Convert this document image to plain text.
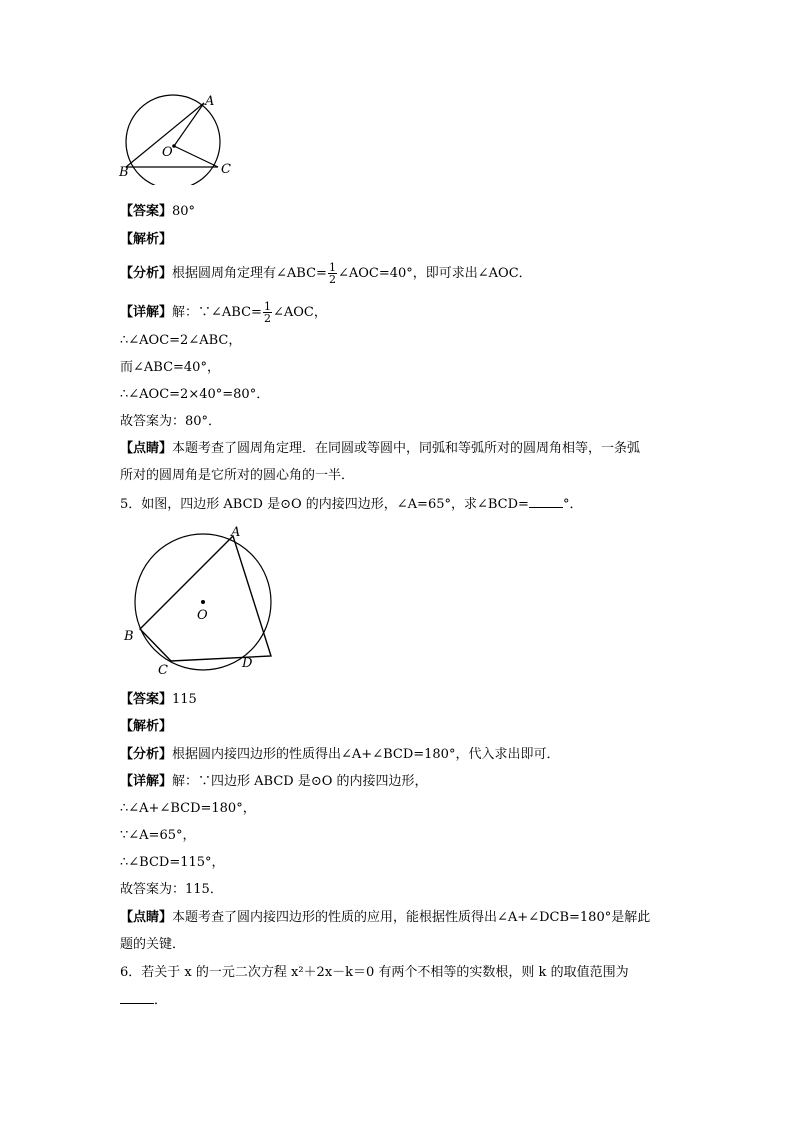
A
B	C
O
【答案】80°
【解析】
【分析】根据圆周角定理有∠ABC= $\frac{1}{2}$ ∠AOC=40°，即可求出∠AOC．
【详解】解：∵∠ABC= $\frac{1}{2}$ ∠AOC，
∴∠AOC=2∠ABC，
而∠ABC=40°，
∴∠AOC=2×40°=80°．
故答案为：80°．
【点睛】本题考查了圆周角定理．在同圆或等圆中，同弧和等弧所对的圆周角相等，一条弧
所对的圆周角是它所对的圆心角的一半．
5．如图，四边形 ABCD 是⊙O 的内接四边形，∠A=65°，求∠BCD=	°．
A
B
C	D
O
【答案】115
【解析】
【分析】根据圆内接四边形的性质得出∠A+∠BCD=180°，代入求出即可．
【详解】解：∵四边形 ABCD 是⊙O 的内接四边形，
∴∠A+∠BCD=180°，
∵∠A=65°，
∴∠BCD=115°，
故答案为：115．
【点睛】本题考查了圆内接四边形的性质的应用，能根据性质得出∠A+∠DCB=180°是解此
题的关键．
6．若关于 x 的一元二次方程 x²＋2x－k＝0 有两个不相等的实数根，则 k 的取值范围为
．
